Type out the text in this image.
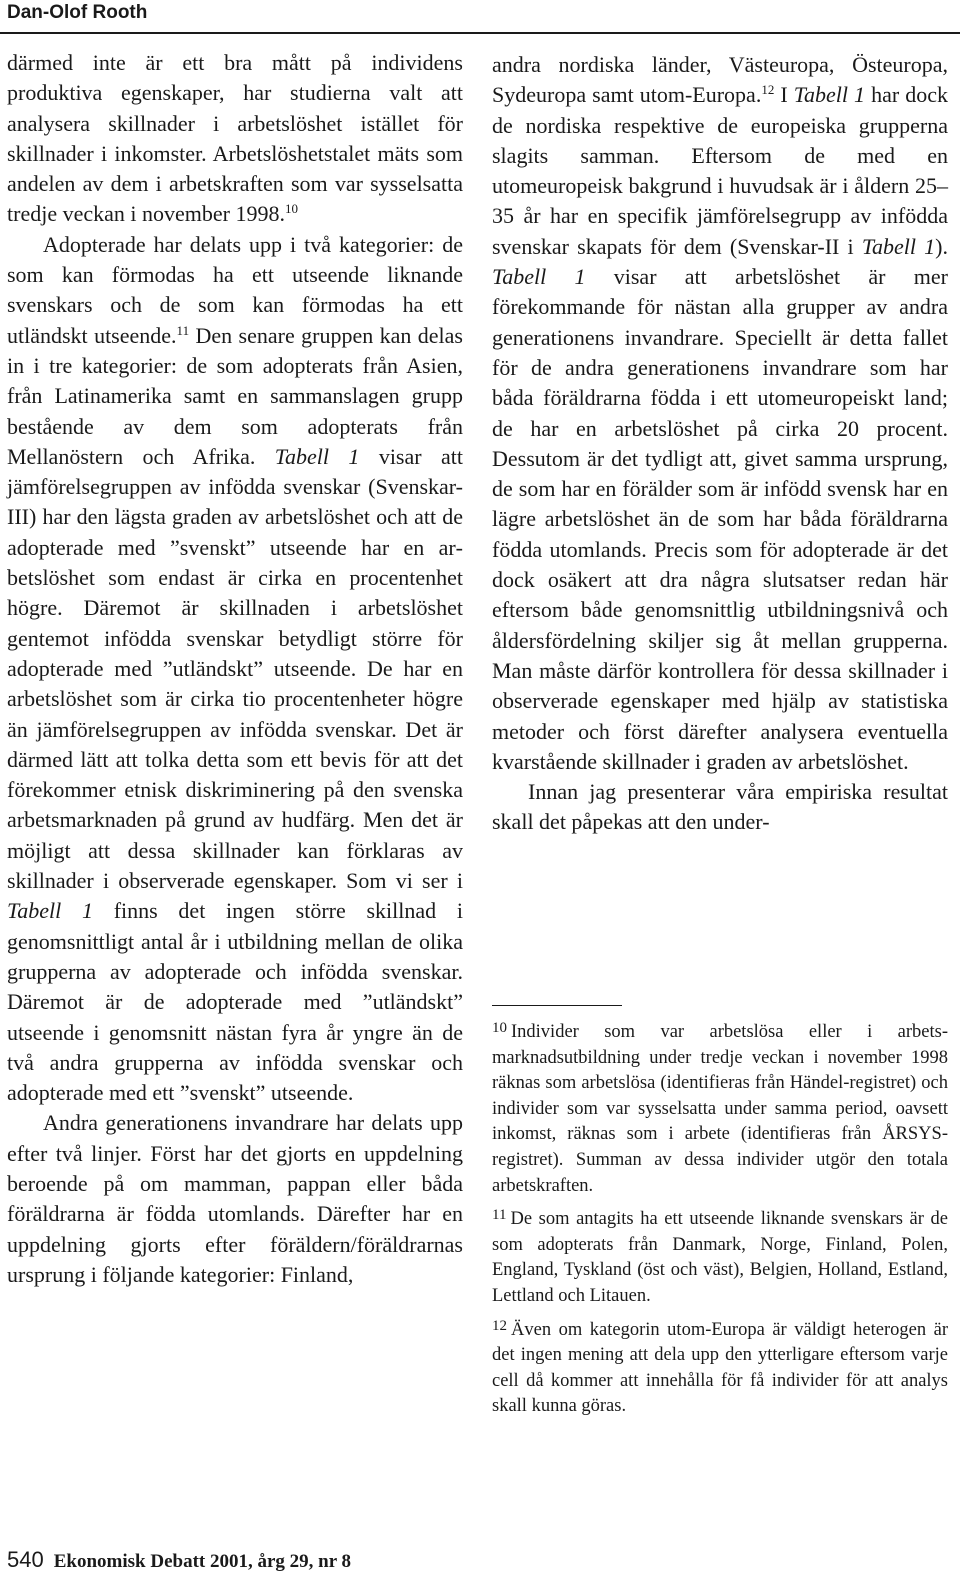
Dan-Olof Rooth

därmed inte är ett bra mått på individens produktiva egenskaper, har studierna valt att analysera skillnader i arbetslöshet istället för skillnader i inkomster. Arbetslöshetstalet mäts som andelen av dem i arbetskraften som var sysselsatta tredje veckan i november 1998.10

Adopterade har delats upp i två kategorier: de som kan förmodas ha ett utseende liknande svenskars och de som kan förmodas ha ett utländskt utseende.$^{11}$ Den senare gruppen kan delas in i tre kategorier: de som adopterats från Asien, från Latinamerika samt en sammanslagen grupp bestående av dem som adopterats från Mellanöstern och Afrika. Tabell 1 visar att jämförelsegruppen av infödda svenskar (Svenskar-III) har den lägsta graden av arbetslöshet och att de adopterade med ”svenskt” utseende har en arbetslöshet som endast är cirka en procentenhet högre. Däremot är skillnaden i arbetslöshet gentemot infödda svenskar betydligt större för adopterade med ”utländskt” utseende. De har en arbetslöshet som är cirka tio procentenheter högre än jämförelsegruppen av infödda svenskar. Det är därmed lätt att tolka detta som ett bevis för att det förekommer etnisk diskriminering på den svenska arbetsmarknaden på grund av hudfärg. Men det är möjligt att dessa skillnader kan förklaras av skillnader i observerade egenskaper. Som vi ser i Tabell 1 finns det ingen större skillnad i genomsnittligt antal år i utbildning mellan de olika grupperna av adopterade och infödda svenskar. Däremot är de adopterade med ”utländskt” utseende i genomsnitt nästan fyra år yngre än de två andra grupperna av infödda svenskar och adopterade med ett ”svenskt” utseende.

Andra generationens invandrare har delats upp efter två linjer. Först har det gjorts en uppdelning beroende på om mamman, pappan eller båda föräldrarna är födda utomlands. Därefter har en uppdelning gjorts efter föräldern/föräldrarnas ursprung i följande kategorier: Finland,

andra nordiska länder, Västeuropa, Östeuropa, Sydeuropa samt utom-Europa.$^{12}$ I Tabell 1 har dock de nordiska respektive de europeiska grupperna slagits samman. Eftersom de med en utomeuropeisk bakgrund i huvudsak är i åldern 25–35 år har en specifik jämförelsegrupp av infödda svenskar skapats för dem (Svenskar-II i Tabell 1). Tabell 1 visar att arbetslöshet är mer förekommande för nästan alla grupper av andra generationens invandrare. Speciellt är detta fallet för de andra generationens invandrare som har båda föräldrarna födda i ett utomeuropeiskt land; de har en arbetslöshet på cirka 20 procent. Dessutom är det tydligt att, givet samma ursprung, de som har en förälder som är infödd svensk har en lägre arbetslöshet än de som har båda föräldrarna födda utomlands. Precis som för adopterade är det dock osäkert att dra några slutsatser redan här eftersom både genomsnittlig utbildningsnivå och åldersfördelning skiljer sig åt mellan grupperna. Man måste därför kontrollera för dessa skillnader i observerade egenskaper med hjälp av statistiska metoder och först därefter analysera eventuella kvarstående skillnader i graden av arbetslöshet.

Innan jag presenterar våra empiriska resultat skall det påpekas att den under-

$^{10}$ Individer som var arbetslösa eller i arbetsmarknadsutbildning under tredje veckan i november 1998 räknas som arbetslösa (identifieras från Händel-registret) och individer som var sysselsatta under samma period, oavsett inkomst, räknas som i arbete (identifieras från ÅRSYS-registret). Summan av dessa individer utgör den totala arbetskraften.

$^{11}$ De som antagits ha ett utseende liknande svenskars är de som adopterats från Danmark, Norge, Finland, Polen, England, Tyskland (öst och väst), Belgien, Holland, Estland, Lettland och Litauen.

$^{12}$ Även om kategorin utom-Europa är väldigt heterogen är det ingen mening att dela upp den ytterligare eftersom varje cell då kommer att innehålla för få individer för att analys skall kunna göras.

540 Ekonomisk Debatt 2001, årg 29, nr 8
